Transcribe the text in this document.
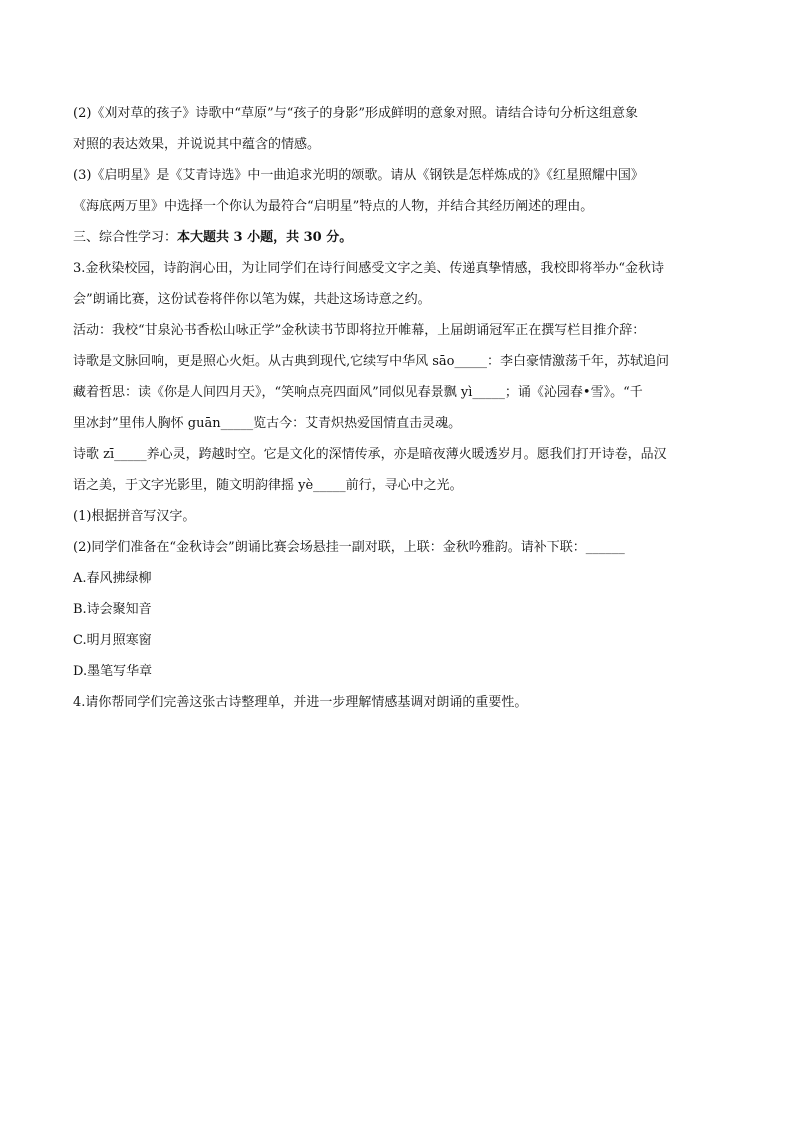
(2)《刈对草的孩子》诗歌中“草原”与“孩子的身影”形成鲜明的意象对照。请结合诗句分析这组意象
对照的表达效果，并说说其中蕴含的情感。
(3)《启明星》是《艾青诗选》中一曲追求光明的颂歌。请从《钢铁是怎样炼成的》《红星照耀中国》
《海底两万里》中选择一个你认为最符合“启明星”特点的人物，并结合其经历阐述的理由。
三、综合性学习：本大题共 3 小题，共 30 分。
3.金秋染校园，诗韵润心田，为让同学们在诗行间感受文字之美、传递真挚情感，我校即将举办“金秋诗
会”朗诵比赛，这份试卷将伴你以笔为媒，共赴这场诗意之约。
活动：我校“甘泉沁书香松山咏正学”金秋读书节即将拉开帷幕，上届朗诵冠军正在撰写栏目推介辞：
诗歌是文脉回响，更是照心火炬。从古典到现代‚它续写中华风 sāo_____：李白豪情激荡千年，苏轼追问
藏着哲思：读《你是人间四月天》，“笑响点亮四面风”同似见春景飘 yì_____；诵《沁园春•雪》。“千
里冰封”里伟人胸怀 guān_____览古今：艾青炽热爱国情直击灵魂。
诗歌 zī_____养心灵，跨越时空。它是文化的深情传承，亦是暗夜薄火暖透岁月。愿我们打开诗卷，品汉
语之美，于文字光影里，随文明韵律摇 yè_____前行，寻心中之光。
(1)根据拼音写汉字。
(2)同学们准备在“金秋诗会”朗诵比赛会场悬挂一副对联，上联：金秋吟雅韵。请补下联：______
A.春风拂绿柳
B.诗会聚知音
C.明月照寒窗
D.墨笔写华章
4.请你帮同学们完善这张古诗整理单，并进一步理解情感基调对朗诵的重要性。
